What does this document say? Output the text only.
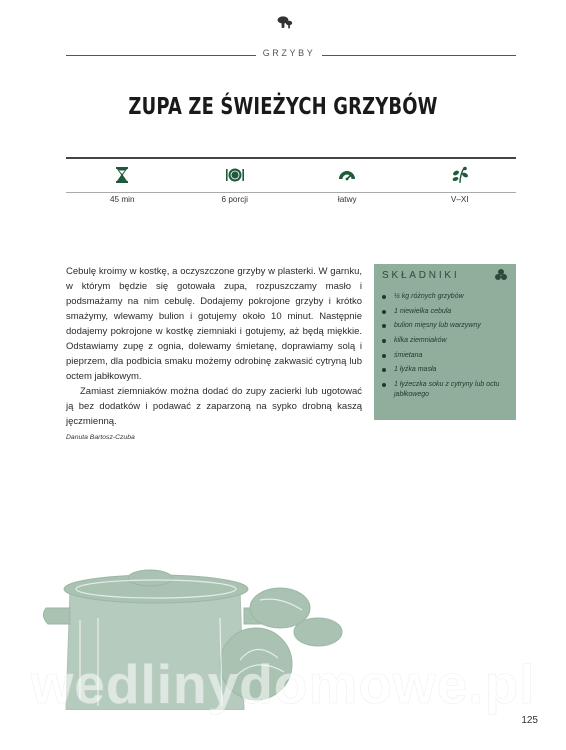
GRZYBY
ZUPA ZE ŚWIEŻYCH GRZYBÓW
45 min	6 porcji	łatwy	V–XI

Cebulę kroimy w kostkę, a oczyszczone grzyby w plasterki. W garnku, w którym będzie się gotowała zupa, rozpuszczamy masło i podsmażamy na nim cebulę. Dodajemy pokrojone grzyby i krótko smażymy, wlewamy bulion i gotujemy około 10 minut. Następnie dodajemy pokrojone w kostkę ziemniaki i gotujemy, aż będą miękkie. Odstawiamy zupę z ognia, dolewamy śmietanę, doprawiamy solą i pieprzem, dla podbicia smaku możemy odrobinę zakwasić cytryną lub octem jabłkowym.

Zamiast ziemniaków można dodać do zupy zacierki lub ugotować ją bez dodatków i podawać z zaparzoną na sypko drobną kaszą jęczmienną.

Danuta Bartosz-Czuba
SKŁADNIKI
½ kg różnych grzybów
1 niewielka cebula
bulion mięsny lub warzywny
kilka ziemniaków
śmietana
1 łyżka masła
1 łyżeczka soku z cytryny lub octu jabłkowego
wedlinydomowe.pl
125
